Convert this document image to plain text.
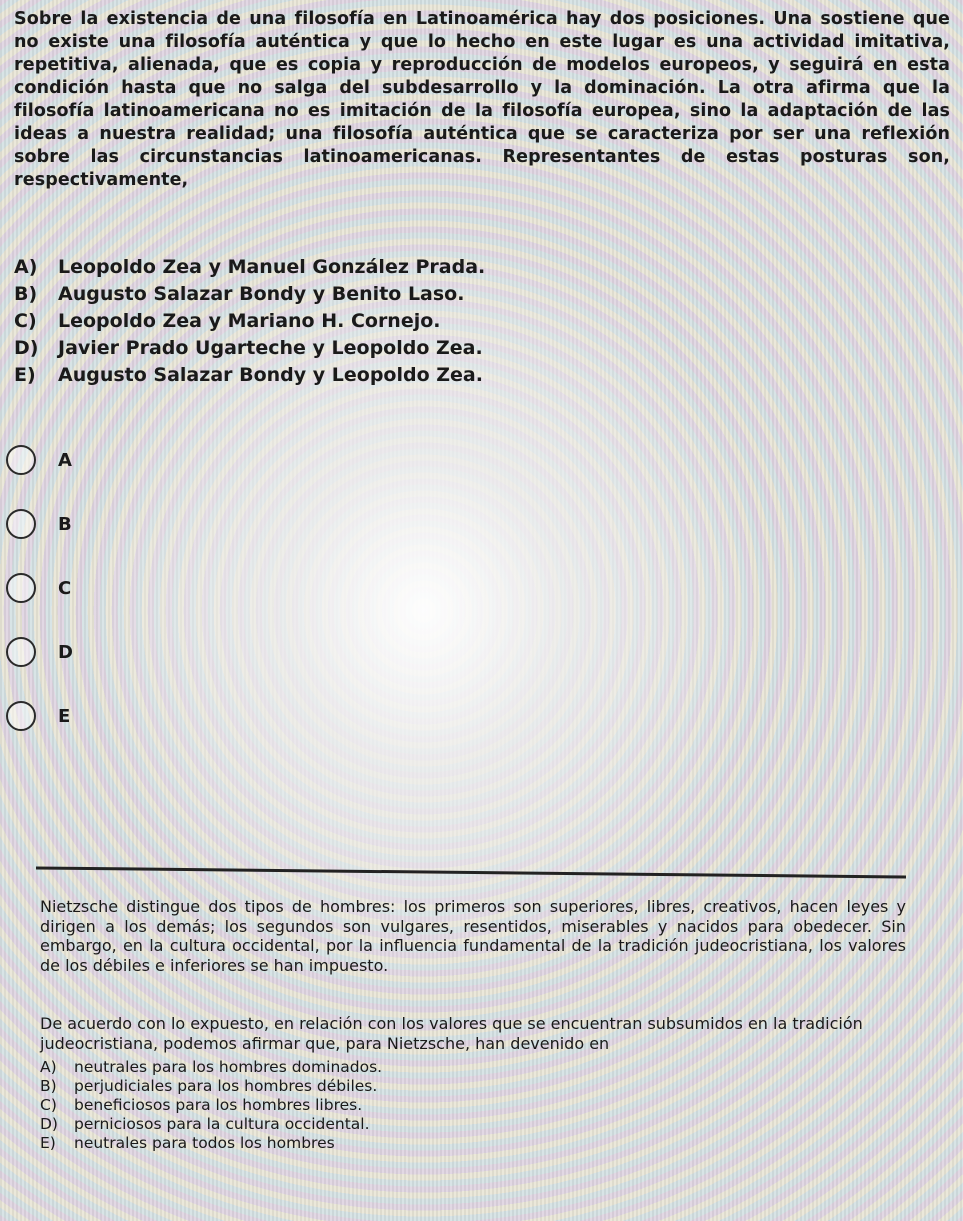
Sobre la existencia de una filosofía en Latinoamérica hay dos posiciones. Una sostiene que no existe una filosofía auténtica y que lo hecho en este lugar es una actividad imitativa, repetitiva, alienada, que es copia y reproducción de modelos europeos, y seguirá en esta condición hasta que no salga del subdesarrollo y la dominación. La otra afirma que la filosofía latinoamericana no es imitación de la filosofía europea, sino la adaptación de las ideas a nuestra realidad; una filosofía auténtica que se caracteriza por ser una reflexión sobre las circunstancias latinoamericanas. Representantes de estas posturas son, respectivamente,
A) Leopoldo Zea y Manuel González Prada.
B) Augusto Salazar Bondy y Benito Laso.
C) Leopoldo Zea y Mariano H. Cornejo.
D) Javier Prado Ugarteche y Leopoldo Zea.
E) Augusto Salazar Bondy y Leopoldo Zea.
A
B
C
D
E
Nietzsche distingue dos tipos de hombres: los primeros son superiores, libres, creativos, hacen leyes y dirigen a los demás; los segundos son vulgares, resentidos, miserables y nacidos para obedecer. Sin embargo, en la cultura occidental, por la influencia fundamental de la tradición judeocristiana, los valores de los débiles e inferiores se han impuesto.
De acuerdo con lo expuesto, en relación con los valores que se encuentran subsumidos en la tradición judeocristiana, podemos afirmar que, para Nietzsche, han devenido en
A) neutrales para los hombres dominados.
B) perjudiciales para los hombres débiles.
C) beneficiosos para los hombres libres.
D) perniciosos para la cultura occidental.
E) neutrales para todos los hombres
